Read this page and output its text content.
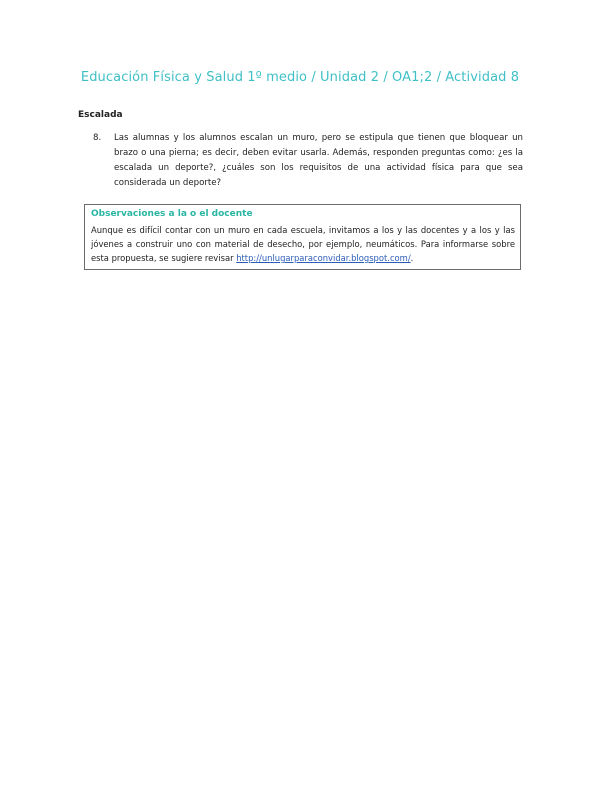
Educación Física y Salud 1º medio / Unidad 2 / OA1;2 / Actividad 8
Escalada
8. Las alumnas y los alumnos escalan un muro, pero se estipula que tienen que bloquear un brazo o una pierna; es decir, deben evitar usarla. Además, responden preguntas como: ¿es la escalada un deporte?, ¿cuáles son los requisitos de una actividad física para que sea considerada un deporte?
Observaciones a la o el docente
Aunque es difícil contar con un muro en cada escuela, invitamos a los y las docentes y a los y las jóvenes a construir uno con material de desecho, por ejemplo, neumáticos. Para informarse sobre esta propuesta, se sugiere revisar http://unlugarparaconvidar.blogspot.com/.
